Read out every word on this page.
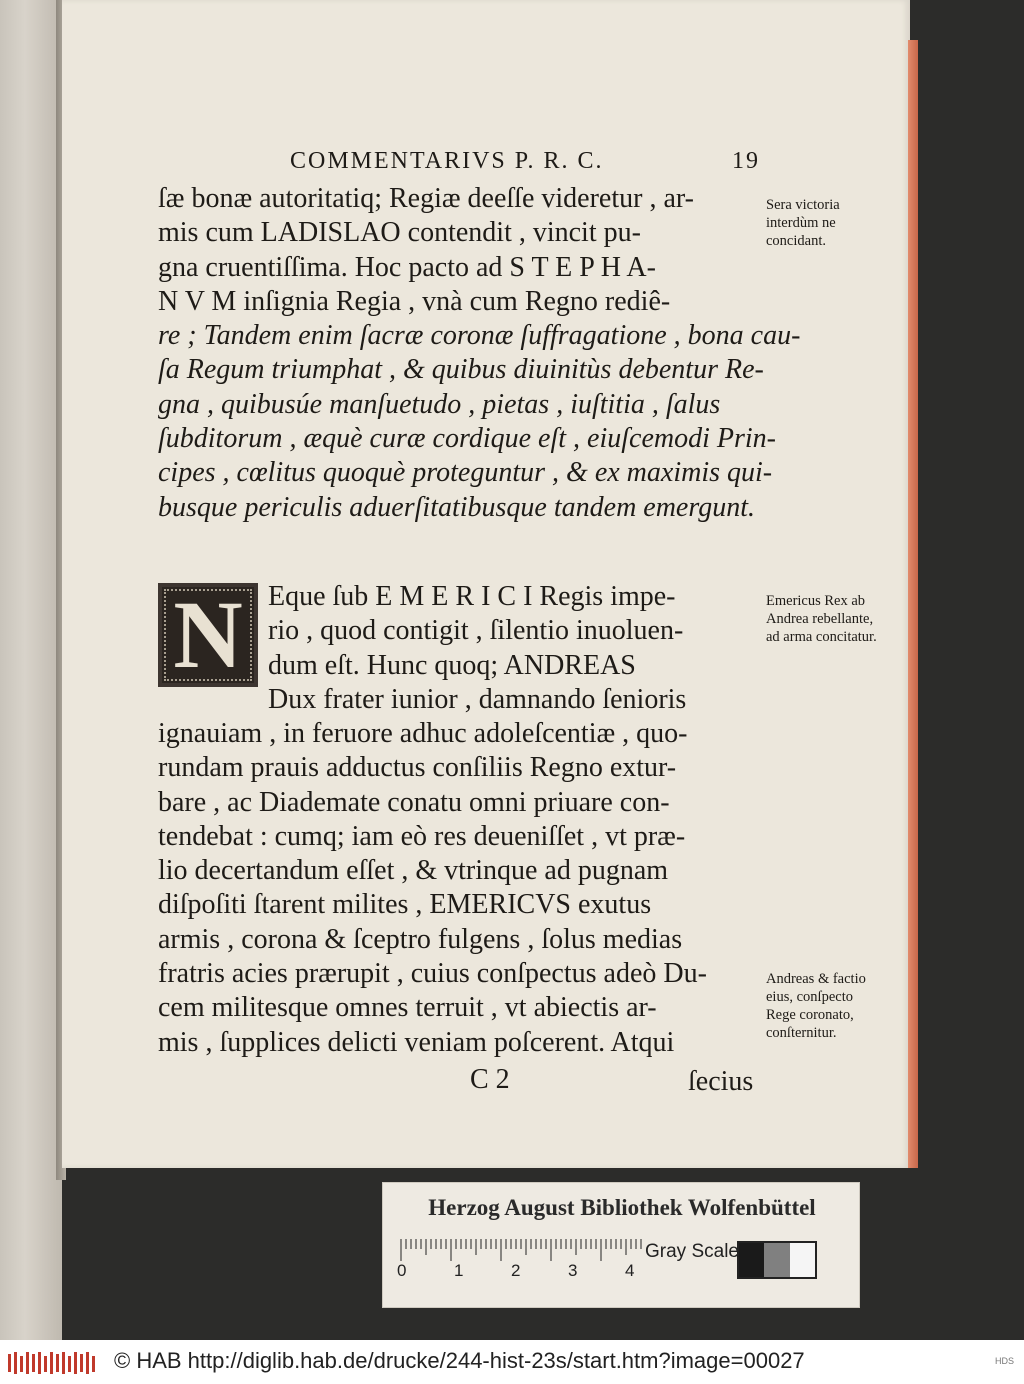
COMMENTARIVS P. R. C.	19
ſæ bonæ autoritatiq; Regiæ deeſſe videretur , ar-
mis cum LADISLAO contendit , vincit pu-
gna cruentiſſima. Hoc pacto ad S T E P H A-
N V M inſignia Regia , vnà cum Regno rediê-
re ; Tandem enim ſacræ coronæ ſuffragatione , bona cau-
ſa Regum triumphat , & quibus diuinitùs debentur Re-
gna , quibusúe manſuetudo , pietas , iuſtitia , ſalus
ſubditorum , æquè curæ cordique eſt , eiuſcemodi Prin-
cipes , cœlitus quoquè proteguntur , & ex maximis qui-
busque periculis aduerſitatibusque tandem emergunt.
N Eque ſub E M E R I C I Regis impe-
rio , quod contigit , ſilentio inuoluen-
dum eſt. Hunc quoq; ANDREAS
Dux frater iunior , damnando ſenioris
ignauiam , in feruore adhuc adoleſcentiæ , quo-
rundam prauis adductus conſiliis Regno extur-
bare , ac Diademate conatu omni priuare con-
tendebat : cumq; iam eò res deueniſſet , vt præ-
lio decertandum eſſet , & vtrinque ad pugnam
diſpoſiti ſtarent milites , EMERICVS exutus
armis , corona & ſceptro fulgens , ſolus medias
fratris acies prærupit , cuius conſpectus adeò Du-
cem militesque omnes terruit , vt abiectis ar-
mis , ſupplices delicti veniam poſcerent. Atqui
C 2	ſecius
Sera victoria interdùm ne concidant.
Emericus Rex ab Andrea rebellante, ad arma concitatur.
Andreas & factio eius, conſpecto Rege coronato, conſternitur.
Herzog August Bibliothek Wolfenbüttel
0	1	2	3	4
Gray Scale
© HAB http://diglib.hab.de/drucke/244-hist-23s/start.htm?image=00027	HDS
